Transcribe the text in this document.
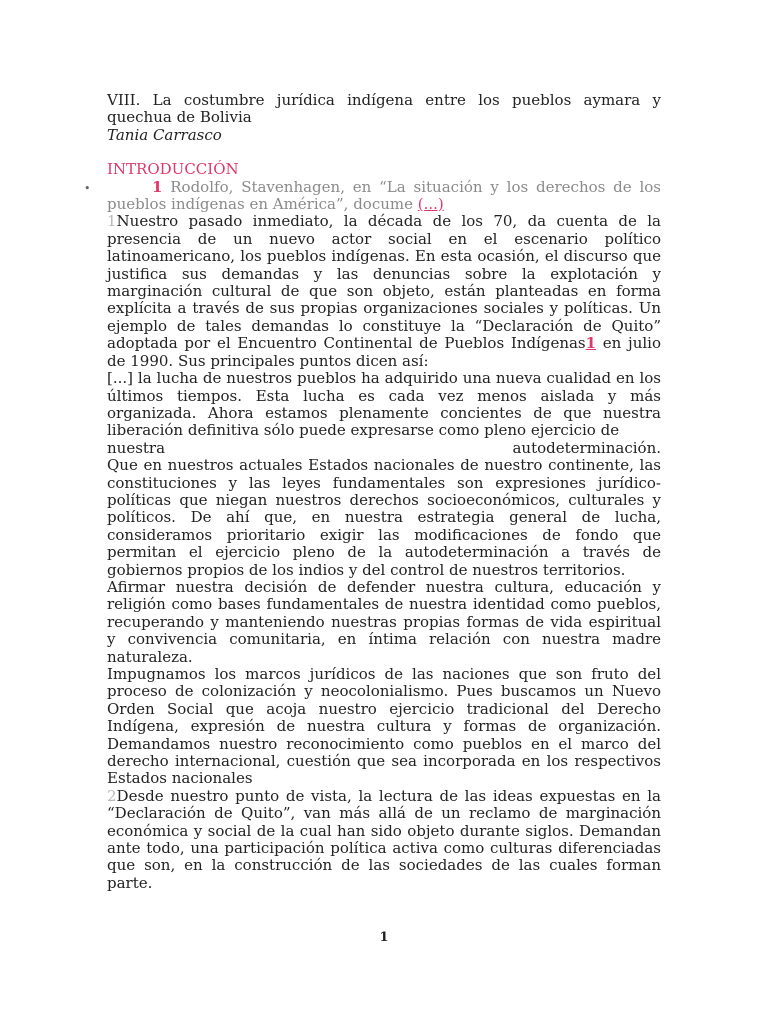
VIII. La costumbre jurídica indígena entre los pueblos aymara y quechua de Bolivia

Tania Carrasco

INTRODUCCIÓN

•	1 Rodolfo, Stavenhagen, en “La situación y los derechos de los pueblos indígenas en América”, docume (...)

1Nuestro pasado inmediato, la década de los 70, da cuenta de la presencia de un nuevo actor social en el escenario político latinoamericano, los pueblos indígenas. En esta ocasión, el discurso que justifica sus demandas y las denuncias sobre la explotación y marginación cultural de que son objeto, están planteadas en forma explícita a través de sus propias organizaciones sociales y políticas. Un ejemplo de tales demandas lo constituye la “Declaración de Quito” adoptada por el Encuentro Continental de Pueblos Indígenas1 en julio de 1990. Sus principales puntos dicen así:

[...] la lucha de nuestros pueblos ha adquirido una nueva cualidad en los últimos tiempos. Esta lucha es cada vez menos aislada y más organizada. Ahora estamos plenamente concientes de que nuestra liberación definitiva sólo puede expresarse como pleno ejercicio de

nuestra autodeterminación.

Que en nuestros actuales Estados nacionales de nuestro continente, las constituciones y las leyes fundamentales son expresiones jurídico-políticas que niegan nuestros derechos socioeconómicos, culturales y políticos. De ahí que, en nuestra estrategia general de lucha, consideramos prioritario exigir las modificaciones de fondo que permitan el ejercicio pleno de la autodeterminación a través de gobiernos propios de los indios y del control de nuestros territorios.

Afirmar nuestra decisión de defender nuestra cultura, educación y religión como bases fundamentales de nuestra identidad como pueblos, recuperando y manteniendo nuestras propias formas de vida espiritual y convivencia comunitaria, en íntima relación con nuestra madre naturaleza.

Impugnamos los marcos jurídicos de las naciones que son fruto del proceso de colonización y neocolonialismo. Pues buscamos un Nuevo Orden Social que acoja nuestro ejercicio tradicional del Derecho Indígena, expresión de nuestra cultura y formas de organización. Demandamos nuestro reconocimiento como pueblos en el marco del derecho internacional, cuestión que sea incorporada en los respectivos Estados nacionales

2Desde nuestro punto de vista, la lectura de las ideas expuestas en la “Declaración de Quito”, van más allá de un reclamo de marginación económica y social de la cual han sido objeto durante siglos. Demandan ante todo, una participación política activa como culturas diferenciadas que son, en la construcción de las sociedades de las cuales forman parte.

1
